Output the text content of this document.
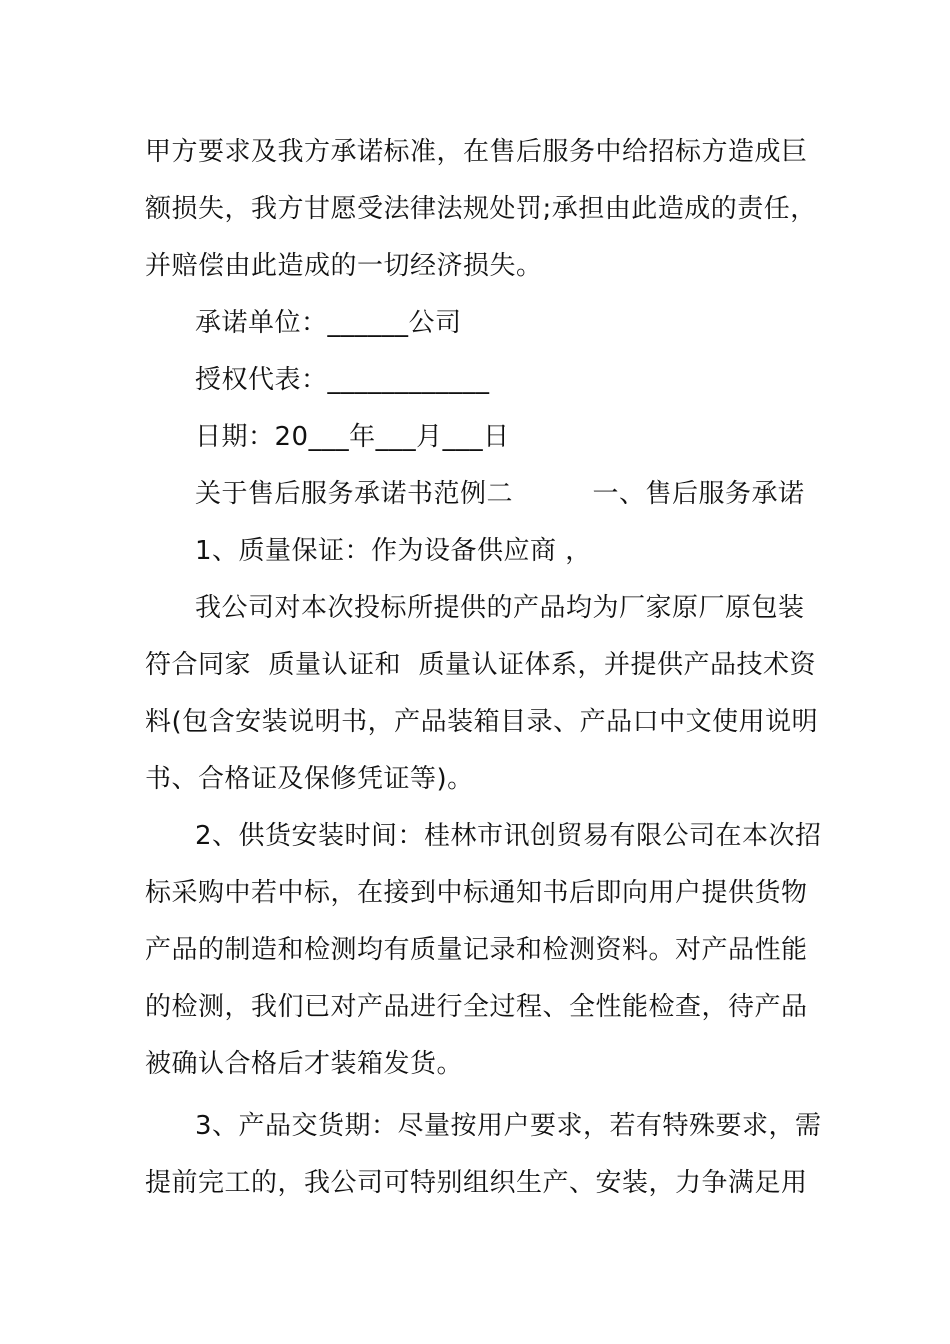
甲方要求及我方承诺标准，在售后服务中给招标方造成巨
额损失，我方甘愿受法律法规处罚;承担由此造成的责任，
并赔偿由此造成的一切经济损失。
承诺单位：______公司
授权代表：____________
日期：20___年___月___日
关于售后服务承诺书范例二　　　一、售后服务承诺
1、质量保证：作为设备供应商 ，
我公司对本次投标所提供的产品均为厂家原厂原包装
符合同家  质量认证和  质量认证体系，并提供产品技术资
料(包含安装说明书，产品装箱目录、产品口中文使用说明
书、合格证及保修凭证等)。
2、供货安装时间：桂林市讯创贸易有限公司在本次招
标采购中若中标，在接到中标通知书后即向用户提供货物
产品的制造和检测均有质量记录和检测资料。对产品性能
的检测，我们已对产品进行全过程、全性能检查，待产品
被确认合格后才装箱发货。
3、产品交货期：尽量按用户要求，若有特殊要求，需
提前完工的，我公司可特别组织生产、安装，力争满足用
